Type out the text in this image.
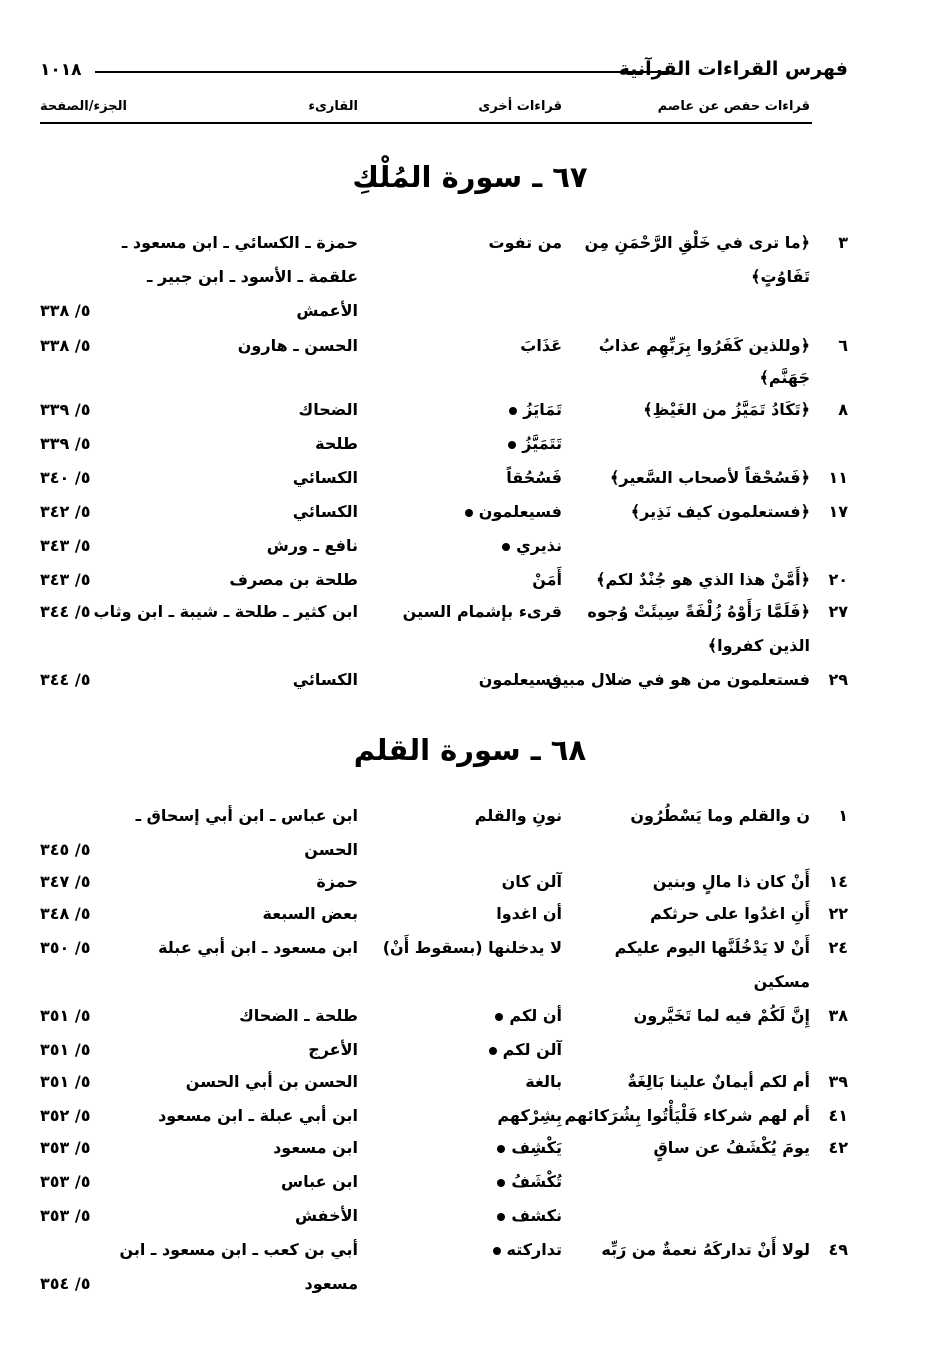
فهرس القراءات القرآنية
١٠١٨
قراءات حفص عن عاصم
قراءات أخرى
القارىء
الجزء/الصفحة
٦٧ ـ سورة المُلْكِ
٣
﴿ما ترى في خَلْقِ الرَّحْمَنِ مِن
من تفوت
حمزة ـ الكسائي ـ ابن مسعود ـ
تَفَاوُتٍ﴾
علقمة ـ الأسود ـ ابن جبير ـ
الأعمش
٥/ ٣٣٨
٦
﴿وللذين كَفَرُوا بِرَبِّهِم عذابُ
عَذَابَ
الحسن ـ هارون
٥/ ٣٣٨
جَهَنَّم﴾
٨
﴿تَكَادُ تَمَيَّزُ من الغَيْظِ﴾
تَمَايَزُ
الضحاك
٥/ ٣٣٩
تَتَمَيَّزُ
طلحة
٥/ ٣٣٩
١١
﴿فَسُحْقاً لأصحاب السَّعير﴾
فَسُحُقاً
الكسائي
٥/ ٣٤٠
١٧
﴿فستعلمون كيف نَذِير﴾
فسيعلمون
الكسائي
٥/ ٣٤٢
نذيري
نافع ـ ورش
٥/ ٣٤٣
٢٠
﴿أَمَّنْ هذا الذي هو جُنْدٌ لكم﴾
أَمَنْ
طلحة بن مصرف
٥/ ٣٤٣
٢٧
﴿فَلَمَّا رَأَوْهُ زُلْفَةً سِيئَتْ وُجوه
قرىء بإشمام السين
ابن كثير ـ طلحة ـ شيبة ـ ابن وثاب
٥/ ٣٤٤
الذين كفروا﴾
٢٩
فستعلمون من هو في ضلال مبين
فسيعلمون
الكسائي
٥/ ٣٤٤
٦٨ ـ سورة القلم
١
ن والقلم وما يَسْطُرُون
نونِ والقلم
ابن عباس ـ ابن أبي إسحاق ـ
الحسن
٥/ ٣٤٥
١٤
أَنْ كان ذا مالٍ وبنين
آلن كان
حمزة
٥/ ٣٤٧
٢٢
أَنِ اغدُوا على حرثكم
أن اغدوا
بعض السبعة
٥/ ٣٤٨
٢٤
أَنْ لا يَدْخُلَنَّها اليوم عليكم
لا يدخلنها (بسقوط أَنْ)
ابن مسعود ـ ابن أبي عبلة
٥/ ٣٥٠
مسكين
٣٨
إِنَّ لَكُمْ فيه لما تَخَيَّرون
أن لكم
طلحة ـ الضحاك
٥/ ٣٥١
آلن لكم
الأعرج
٥/ ٣٥١
٣٩
أم لكم أيمانٌ علينا بَالِغَةٌ
بالغة
الحسن بن أبي الحسن
٥/ ٣٥١
٤١
أم لهم شركاء فَلْيَأْتُوا بِشُرَكائهم
بِشِرْكهم
ابن أبي عبلة ـ ابن مسعود
٥/ ٣٥٢
٤٢
يومَ يُكْشَفُ عن ساقٍ
يَكْشِف
ابن مسعود
٥/ ٣٥٣
تُكْشَفُ
ابن عباس
٥/ ٣٥٣
نكشف
الأخفش
٥/ ٣٥٣
٤٩
لولا أَنْ تداركَهُ نعمةٌ من رَبِّه
تداركته
أبي بن كعب ـ ابن مسعود ـ ابن
مسعود
٥/ ٣٥٤
